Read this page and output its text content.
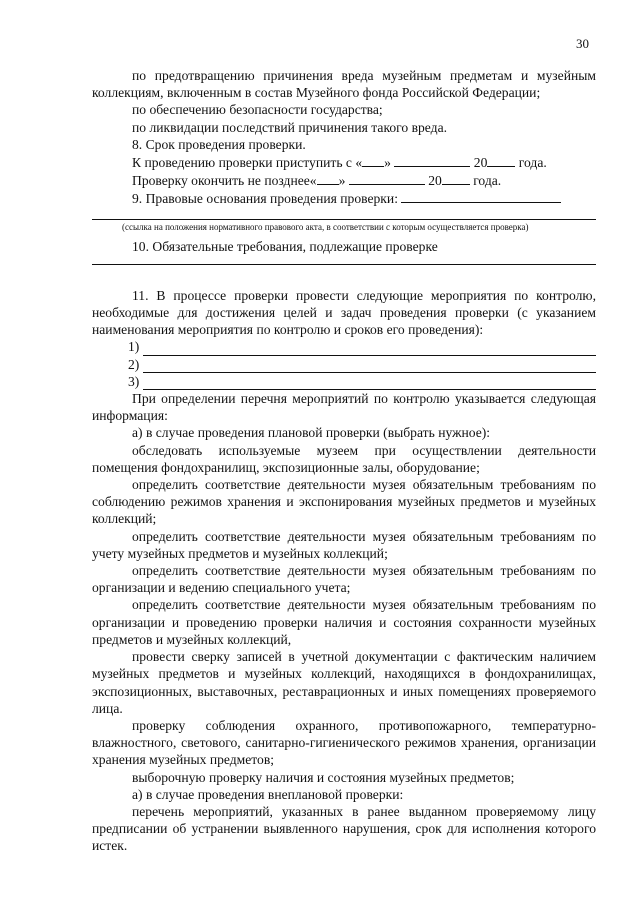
30

по предотвращению причинения вреда музейным предметам и музейным коллекциям, включенным в состав Музейного фонда Российской Федерации;

по обеспечению безопасности государства;

по ликвидации последствий причинения такого вреда.

8. Срок проведения проверки.

К проведению проверки приступить с « »	20 года.

Проверку окончить не позднее« »	20 года.

9. Правовые основания проведения проверки:

(ссылка на положения нормативного правового акта, в соответствии с которым осуществляется проверка)

10. Обязательные требования, подлежащие проверке

11. В процессе проверки провести следующие мероприятия по контролю, необходимые для достижения целей и задач проведения проверки (с указанием наименования мероприятия по контролю и сроков его проведения):

1)
2)
3)

При определении перечня мероприятий по контролю указывается следующая информация:

а) в случае проведения плановой проверки (выбрать нужное):

обследовать используемые музеем при осуществлении деятельности помещения фондохранилищ, экспозиционные залы, оборудование;

определить соответствие деятельности музея обязательным требованиям по соблюдению режимов хранения и экспонирования музейных предметов и музейных коллекций;

определить соответствие деятельности музея обязательным требованиям по учету музейных предметов и музейных коллекций;

определить соответствие деятельности музея обязательным требованиям по организации и ведению специального учета;

определить соответствие деятельности музея обязательным требованиям по организации и проведению проверки наличия и состояния сохранности музейных предметов и музейных коллекций,

провести сверку записей в учетной документации с фактическим наличием музейных предметов и музейных коллекций, находящихся в фондохранилищах, экспозиционных, выставочных, реставрационных и иных помещениях проверяемого лица.

проверку соблюдения охранного, противопожарного, температурно-влажностного, светового, санитарно-гигиенического режимов хранения, организации хранения музейных предметов;

выборочную проверку наличия и состояния музейных предметов;

а) в случае проведения внеплановой проверки:

перечень мероприятий, указанных в ранее выданном проверяемому лицу предписании об устранении выявленного нарушения, срок для исполнения которого истек.
